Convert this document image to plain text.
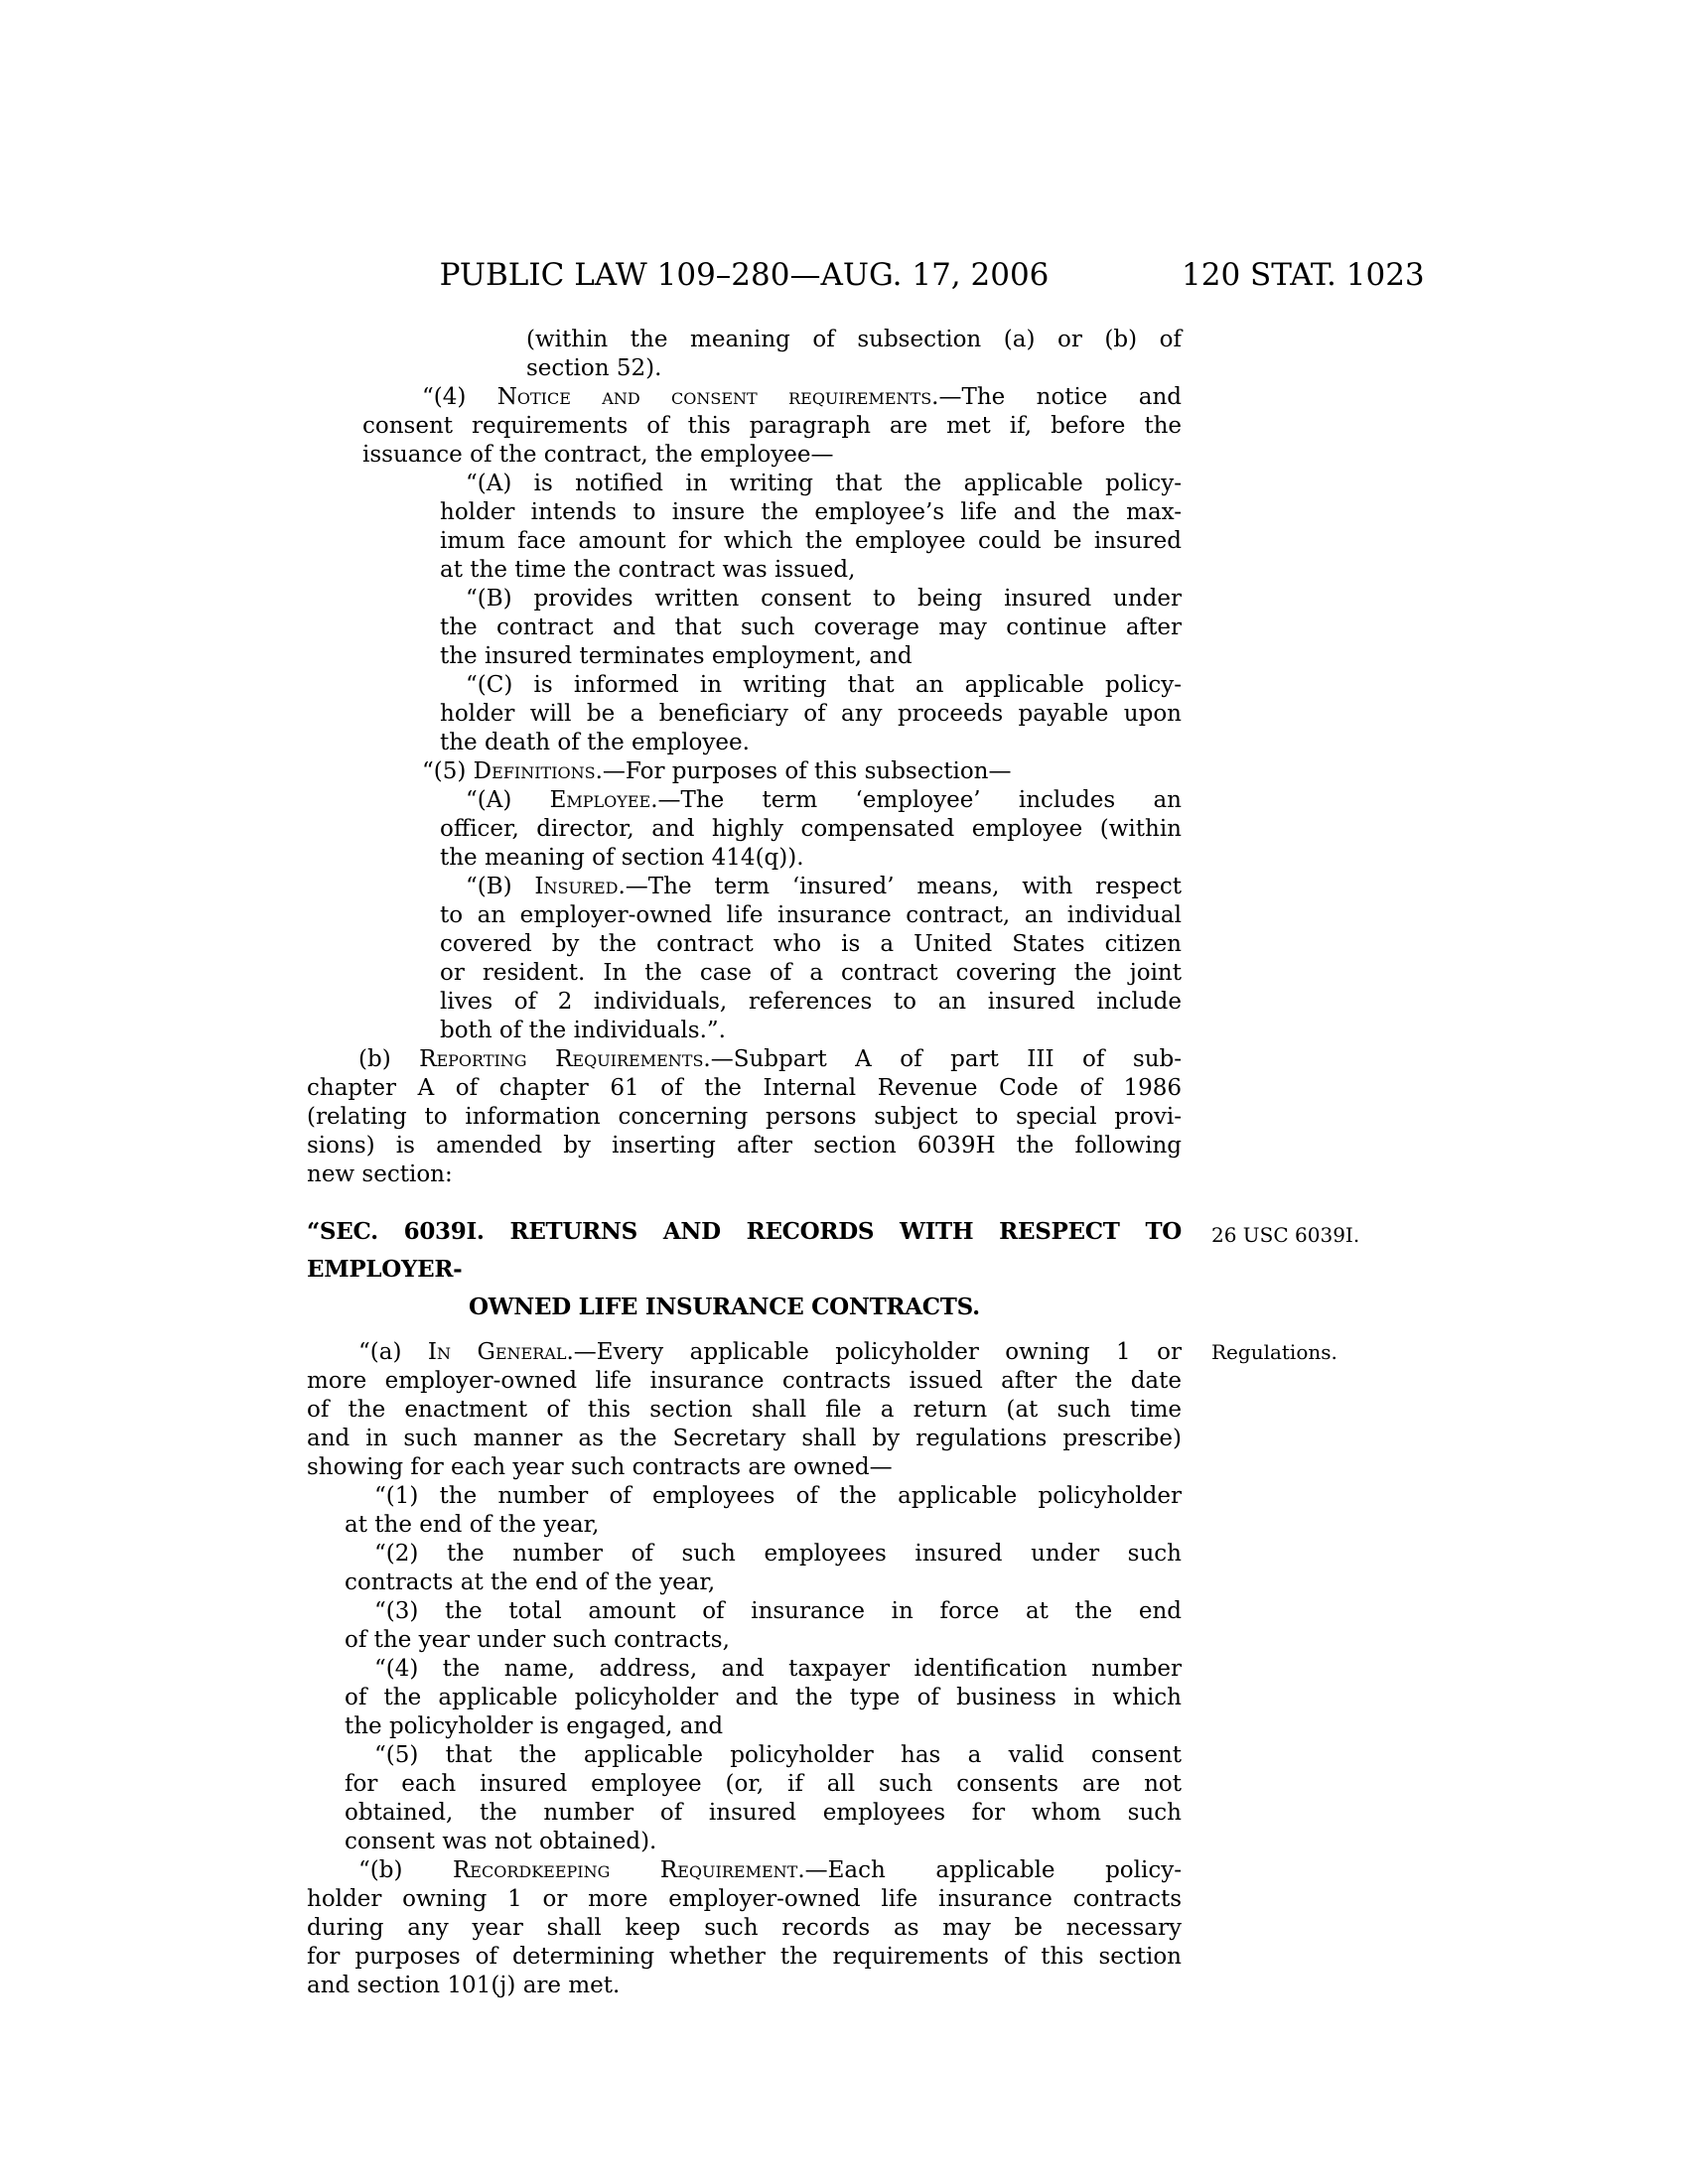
PUBLIC LAW 109–280—AUG. 17, 2006	120 STAT. 1023
(within the meaning of subsection (a) or (b) of
section 52).
“(4) Notice and consent requirements.—The notice and
consent requirements of this paragraph are met if, before the
issuance of the contract, the employee—
“(A) is notified in writing that the applicable policy-
holder intends to insure the employee’s life and the max-
imum face amount for which the employee could be insured
at the time the contract was issued,
“(B) provides written consent to being insured under
the contract and that such coverage may continue after
the insured terminates employment, and
“(C) is informed in writing that an applicable policy-
holder will be a beneficiary of any proceeds payable upon
the death of the employee.
“(5) Definitions.—For purposes of this subsection—
“(A) Employee.—The term ‘employee’ includes an
officer, director, and highly compensated employee (within
the meaning of section 414(q)).
“(B) Insured.—The term ‘insured’ means, with respect
to an employer-owned life insurance contract, an individual
covered by the contract who is a United States citizen
or resident. In the case of a contract covering the joint
lives of 2 individuals, references to an insured include
both of the individuals.”.
(b) Reporting Requirements.—Subpart A of part III of sub-
chapter A of chapter 61 of the Internal Revenue Code of 1986
(relating to information concerning persons subject to special provi-
sions) is amended by inserting after section 6039H the following
new section:
“SEC. 6039I. RETURNS AND RECORDS WITH RESPECT TO EMPLOYER-
OWNED LIFE INSURANCE CONTRACTS.
26 USC 6039I.
“(a) In General.—Every applicable policyholder owning 1 or
more employer-owned life insurance contracts issued after the date
of the enactment of this section shall file a return (at such time
and in such manner as the Secretary shall by regulations prescribe)
showing for each year such contracts are owned—
Regulations.
“(1) the number of employees of the applicable policyholder
at the end of the year,
“(2) the number of such employees insured under such
contracts at the end of the year,
“(3) the total amount of insurance in force at the end
of the year under such contracts,
“(4) the name, address, and taxpayer identification number
of the applicable policyholder and the type of business in which
the policyholder is engaged, and
“(5) that the applicable policyholder has a valid consent
for each insured employee (or, if all such consents are not
obtained, the number of insured employees for whom such
consent was not obtained).
“(b) Recordkeeping Requirement.—Each applicable policy-
holder owning 1 or more employer-owned life insurance contracts
during any year shall keep such records as may be necessary
for purposes of determining whether the requirements of this section
and section 101(j) are met.
